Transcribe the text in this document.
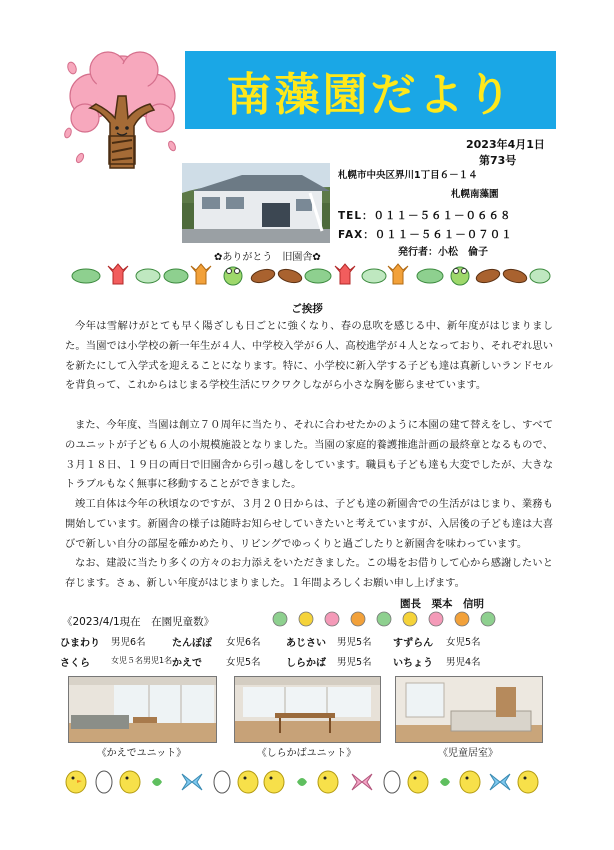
南藻園だより
2023年4月1日
第73号
札幌市中央区界川1丁目６－１４
札幌南藻園
TEL：０１１－５６１－０６６８
FAX：０１１－５６１－０７０１
✿ありがとう　旧園舎✿	発行者：小松　倫子
ご挨拶
今年は雪解けがとても早く陽ざしも日ごとに強くなり、春の息吹を感じる中、新年度がはじまりました。当園では小学校の新一年生が４人、中学校入学が６人、高校進学が４人となっており、それぞれ思いを新たにして入学式を迎えることになります。特に、小学校に新入学する子ども達は真新しいランドセルを背負って、これからはじまる学校生活にワクワクしながら小さな胸を膨らませています。
また、今年度、当園は創立７０周年に当たり、それに合わせたかのように本園の建て替えをし、すべてのユニットが子ども６人の小規模施設となりました。当園の家庭的養護推進計画の最終章となるもので、３月１８日、１９日の両日で旧園舎から引っ越しをしています。職員も子ども達も大変でしたが、大きなトラブルもなく無事に移動することができました。
竣工自体は今年の秋頃なのですが、３月２０日からは、子ども達の新園舎での生活がはじまり、業務も開始しています。新園舎の様子は随時お知らせしていきたいと考えていますが、入居後の子ども達は大喜びで新しい自分の部屋を確かめたり、リビングでゆっくりと過ごしたりと新園舎を味わっています。
なお、建設に当たり多くの方々のお力添えをいただきました。この場をお借りして心から感謝したいと存じます。さぁ、新しい年度がはじまりました。１年間よろしくお願い申し上げます。
園長　栗本　信明
《2023/4/1現在　在園児童数》
ひまわり 男児6名	たんぽぽ 女児6名	あじさい 男児5名 すずらん 女児5名
さくら	女児５名男児1名 かえで	女児5名	しらかば 男児5名 いちょう 男児4名
《かえでユニット》	《しらかばユニット》	《児童居室》
